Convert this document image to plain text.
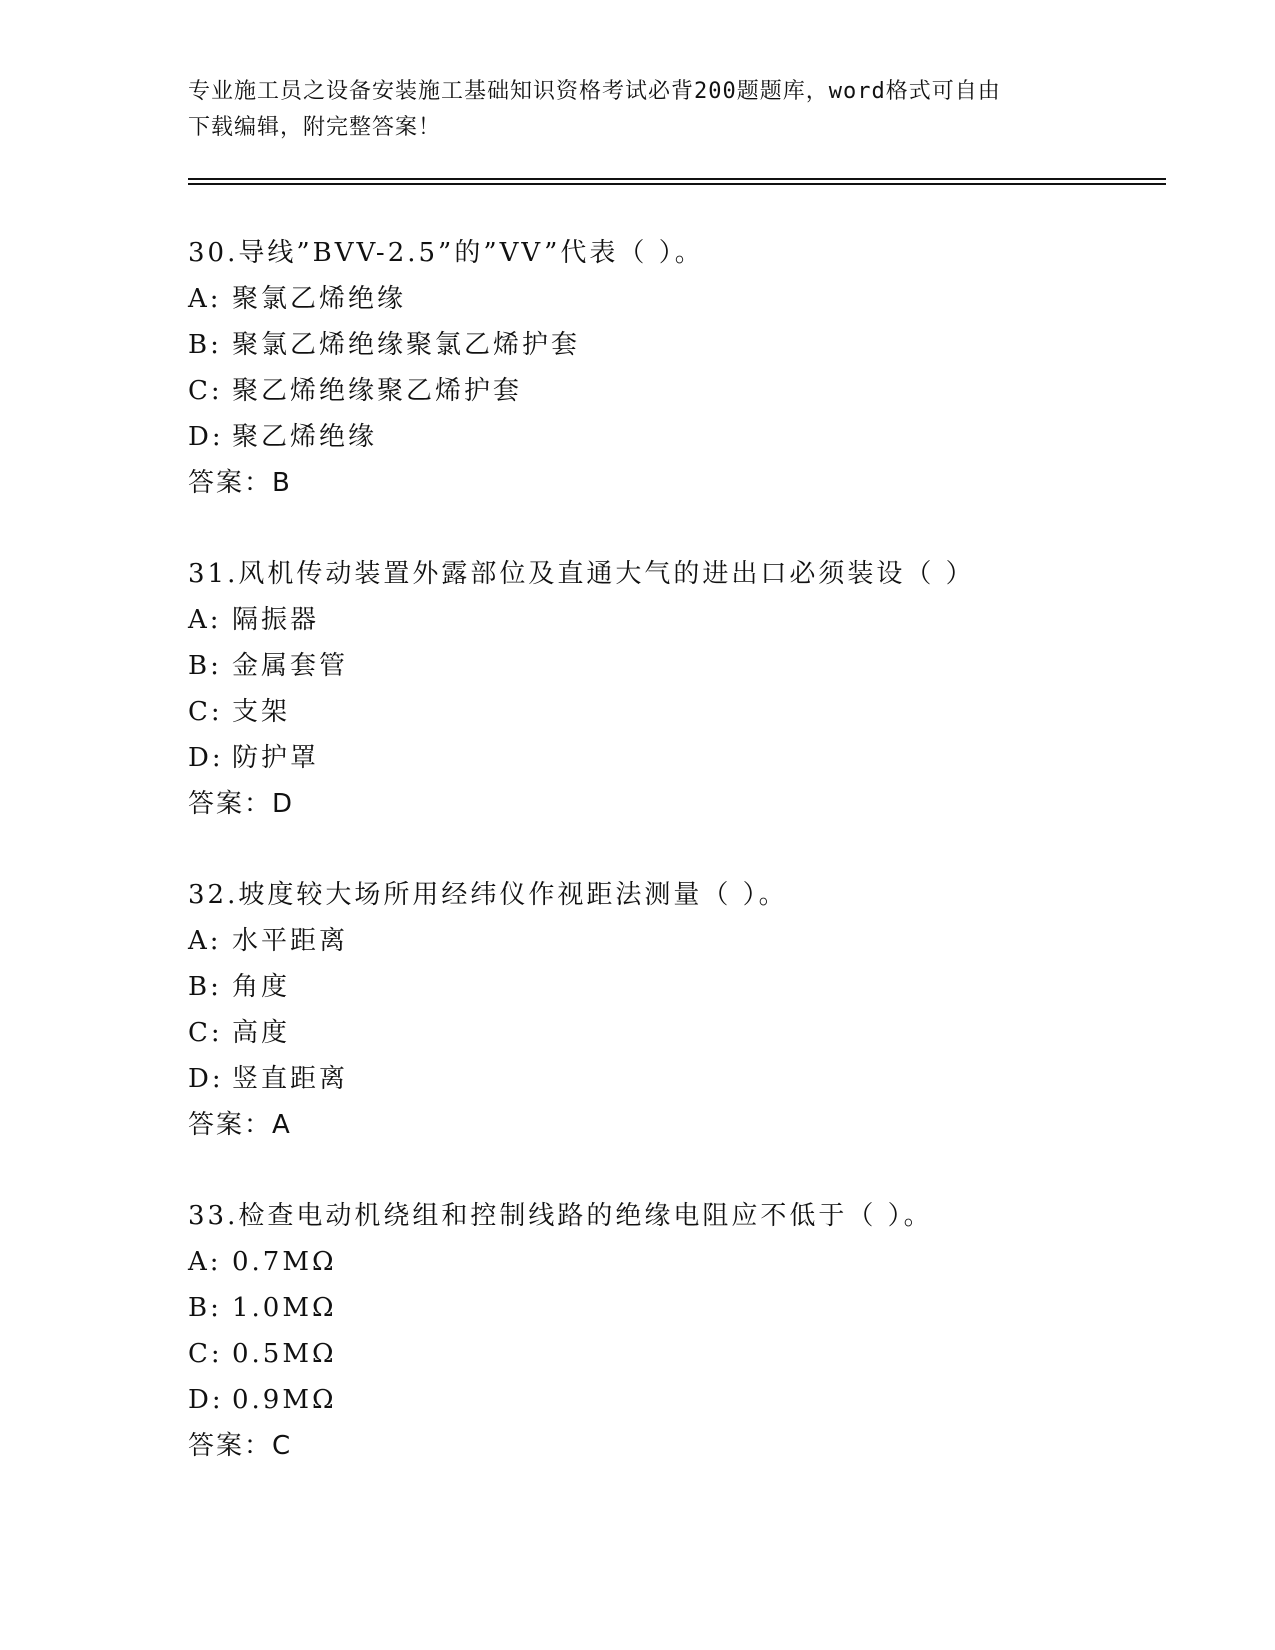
专业施工员之设备安装施工基础知识资格考试必背200题题库，word格式可自由
下载编辑，附完整答案！
30.导线”BVV-2.5”的”VV”代表（ ）。
A: 聚氯乙烯绝缘
B: 聚氯乙烯绝缘聚氯乙烯护套
C: 聚乙烯绝缘聚乙烯护套
D: 聚乙烯绝缘
答案：B
31.风机传动装置外露部位及直通大气的进出口必须装设（ ）
A: 隔振器
B: 金属套管
C: 支架
D: 防护罩
答案：D
32.坡度较大场所用经纬仪作视距法测量（ ）。
A: 水平距离
B: 角度
C: 高度
D: 竖直距离
答案：A
33.检查电动机绕组和控制线路的绝缘电阻应不低于（ ）。
A: 0.7MΩ
B: 1.0MΩ
C: 0.5MΩ
D: 0.9MΩ
答案：C
